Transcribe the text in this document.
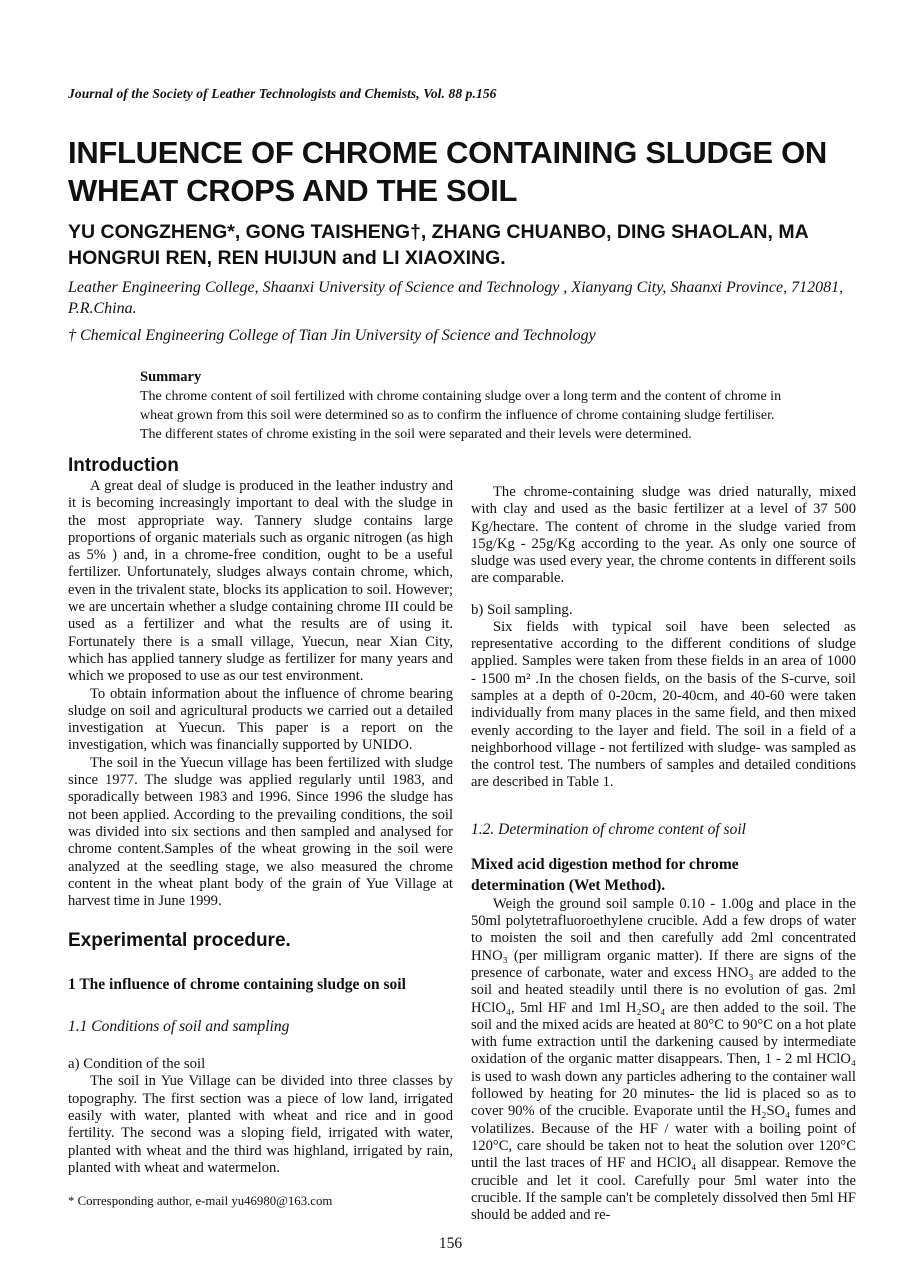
Journal of the Society of Leather Technologists and Chemists, Vol. 88 p.156
INFLUENCE OF CHROME CONTAINING SLUDGE ON WHEAT CROPS AND THE SOIL
YU CONGZHENG*, GONG TAISHENG†, ZHANG CHUANBO, DING SHAOLAN, MA HONGRUI REN, REN HUIJUN and LI XIAOXING.
Leather Engineering College, Shaanxi University of Science and Technology , Xianyang City, Shaanxi Province, 712081, P.R.China.
† Chemical Engineering College of Tian Jin University of Science and Technology
Summary
The chrome content of soil fertilized with chrome containing sludge over a long term and the content of chrome in wheat grown from this soil were determined so as to confirm the influence of chrome containing sludge fertiliser. The different states of chrome existing in the soil were separated and their levels were determined.
Introduction

A great deal of sludge is produced in the leather industry and it is becoming increasingly important to deal with the sludge in the most appropriate way. Tannery sludge contains large proportions of organic materials such as organic nitrogen (as high as 5% ) and, in a chrome-free condition, ought to be a useful fertilizer. Unfortunately, sludges always contain chrome, which, even in the trivalent state, blocks its application to soil. However; we are uncertain whether a sludge containing chrome III could be used as a fertilizer and what the results are of using it. Fortunately there is a small village, Yuecun, near Xian City, which has applied tannery sludge as fertilizer for many years and which we proposed to use as our test environment.

To obtain information about the influence of chrome bearing sludge on soil and agricultural products we carried out a detailed investigation at Yuecun. This paper is a report on the investigation, which was financially supported by UNIDO.

The soil in the Yuecun village has been fertilized with sludge since 1977. The sludge was applied regularly until 1983, and sporadically between 1983 and 1996. Since 1996 the sludge has not been applied. According to the prevailing conditions, the soil was divided into six sections and then sampled and analysed for chrome content.Samples of the wheat growing in the soil were analyzed at the seedling stage, we also measured the chrome content in the wheat plant body of the grain of Yue Village at harvest time in June 1999.

Experimental procedure.
1 The influence of chrome containing sludge on soil
1.1 Conditions of soil and sampling
a) Condition of the soil

The soil in Yue Village can be divided into three classes by topography. The first section was a piece of low land, irrigated easily with water, planted with wheat and rice and in good fertility. The second was a sloping field, irrigated with water, planted with wheat and the third was highland, irrigated by rain, planted with wheat and watermelon.

* Corresponding author, e-mail yu46980@163.com

The chrome-containing sludge was dried naturally, mixed with clay and used as the basic fertilizer at a level of 37 500 Kg/hectare. The content of chrome in the sludge varied from 15g/Kg - 25g/Kg according to the year. As only one source of sludge was used every year, the chrome contents in different soils are comparable.

b) Soil sampling.

Six fields with typical soil have been selected as representative according to the different conditions of sludge applied. Samples were taken from these fields in an area of 1000 - 1500 m² .In the chosen fields, on the basis of the S-curve, soil samples at a depth of 0-20cm, 20-40cm, and 40-60 were taken individually from many places in the same field, and then mixed evenly according to the layer and field. The soil in a field of a neighborhood village - not fertilized with sludge- was sampled as the control test. The numbers of samples and detailed conditions are described in Table 1.

1.2. Determination of chrome content of soil
Mixed acid digestion method for chrome determination (Wet Method).

Weigh the ground soil sample 0.10 - 1.00g and place in the 50ml polytetrafluoroethylene crucible. Add a few drops of water to moisten the soil and then carefully add 2ml concentrated HNO₃ (per milligram organic matter). If there are signs of the presence of carbonate, water and excess HNO₃ are added to the soil and heated steadily until there is no evolution of gas. 2ml HClO₄, 5ml HF and 1ml H₂SO₄ are then added to the soil. The soil and the mixed acids are heated at 80°C to 90°C on a hot plate with fume extraction until the darkening caused by intermediate oxidation of the organic matter disappears. Then, 1 - 2 ml HClO₄ is used to wash down any particles adhering to the container wall followed by heating for 20 minutes- the lid is placed so as to cover 90% of the crucible. Evaporate until the H₂SO₄ fumes and volatilizes. Because of the HF / water with a boiling point of 120°C, care should be taken not to heat the solution over 120°C until the last traces of HF and HClO₄ all disappear. Remove the crucible and let it cool. Carefully pour 5ml water into the crucible. If the sample can't be completely dissolved then 5ml HF should be added and re-

156
